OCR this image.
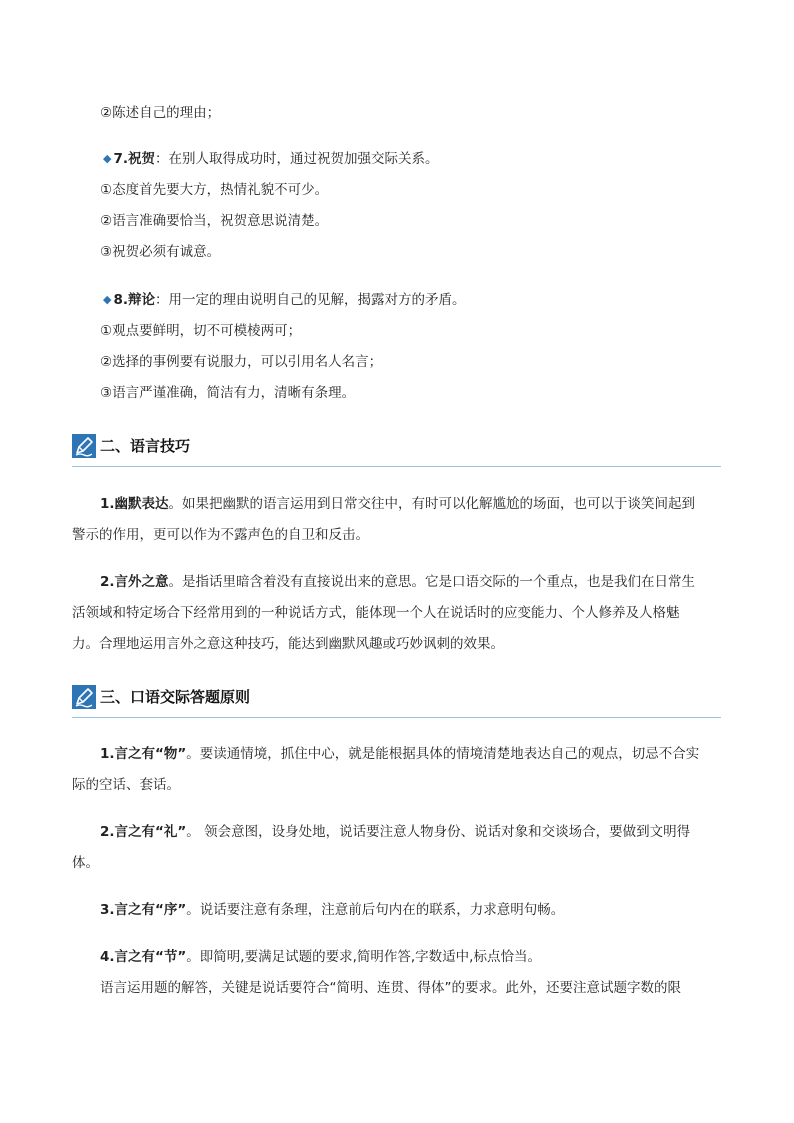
②陈述自己的理由；
◆ 7.祝贺：在别人取得成功时，通过祝贺加强交际关系。
①态度首先要大方，热情礼貌不可少。
②语言准确要恰当，祝贺意思说清楚。
③祝贺必须有诚意。
◆ 8.辩论：用一定的理由说明自己的见解，揭露对方的矛盾。
①观点要鲜明，切不可模棱两可；
②选择的事例要有说服力，可以引用名人名言；
③语言严谨准确，简洁有力，清晰有条理。
二、语言技巧
1.幽默表达。如果把幽默的语言运用到日常交往中，有时可以化解尴尬的场面，也可以于谈笑间起到
警示的作用，更可以作为不露声色的自卫和反击。
2.言外之意。是指话里暗含着没有直接说出来的意思。它是口语交际的一个重点，也是我们在日常生
活领域和特定场合下经常用到的一种说话方式，能体现一个人在说话时的应变能力、个人修养及人格魅
力。合理地运用言外之意这种技巧，能达到幽默风趣或巧妙讽刺的效果。
三、口语交际答题原则
1.言之有“物”。要读通情境，抓住中心，就是能根据具体的情境清楚地表达自己的观点，切忌不合实
际的空话、套话。
2.言之有“礼”。 领会意图，设身处地，说话要注意人物身份、说话对象和交谈场合，要做到文明得
体。
3.言之有“序”。说话要注意有条理，注意前后句内在的联系，力求意明句畅。
4.言之有“节”。即简明,要满足试题的要求,简明作答,字数适中,标点恰当。
语言运用题的解答，关键是说话要符合“简明、连贯、得体”的要求。此外，还要注意试题字数的限
